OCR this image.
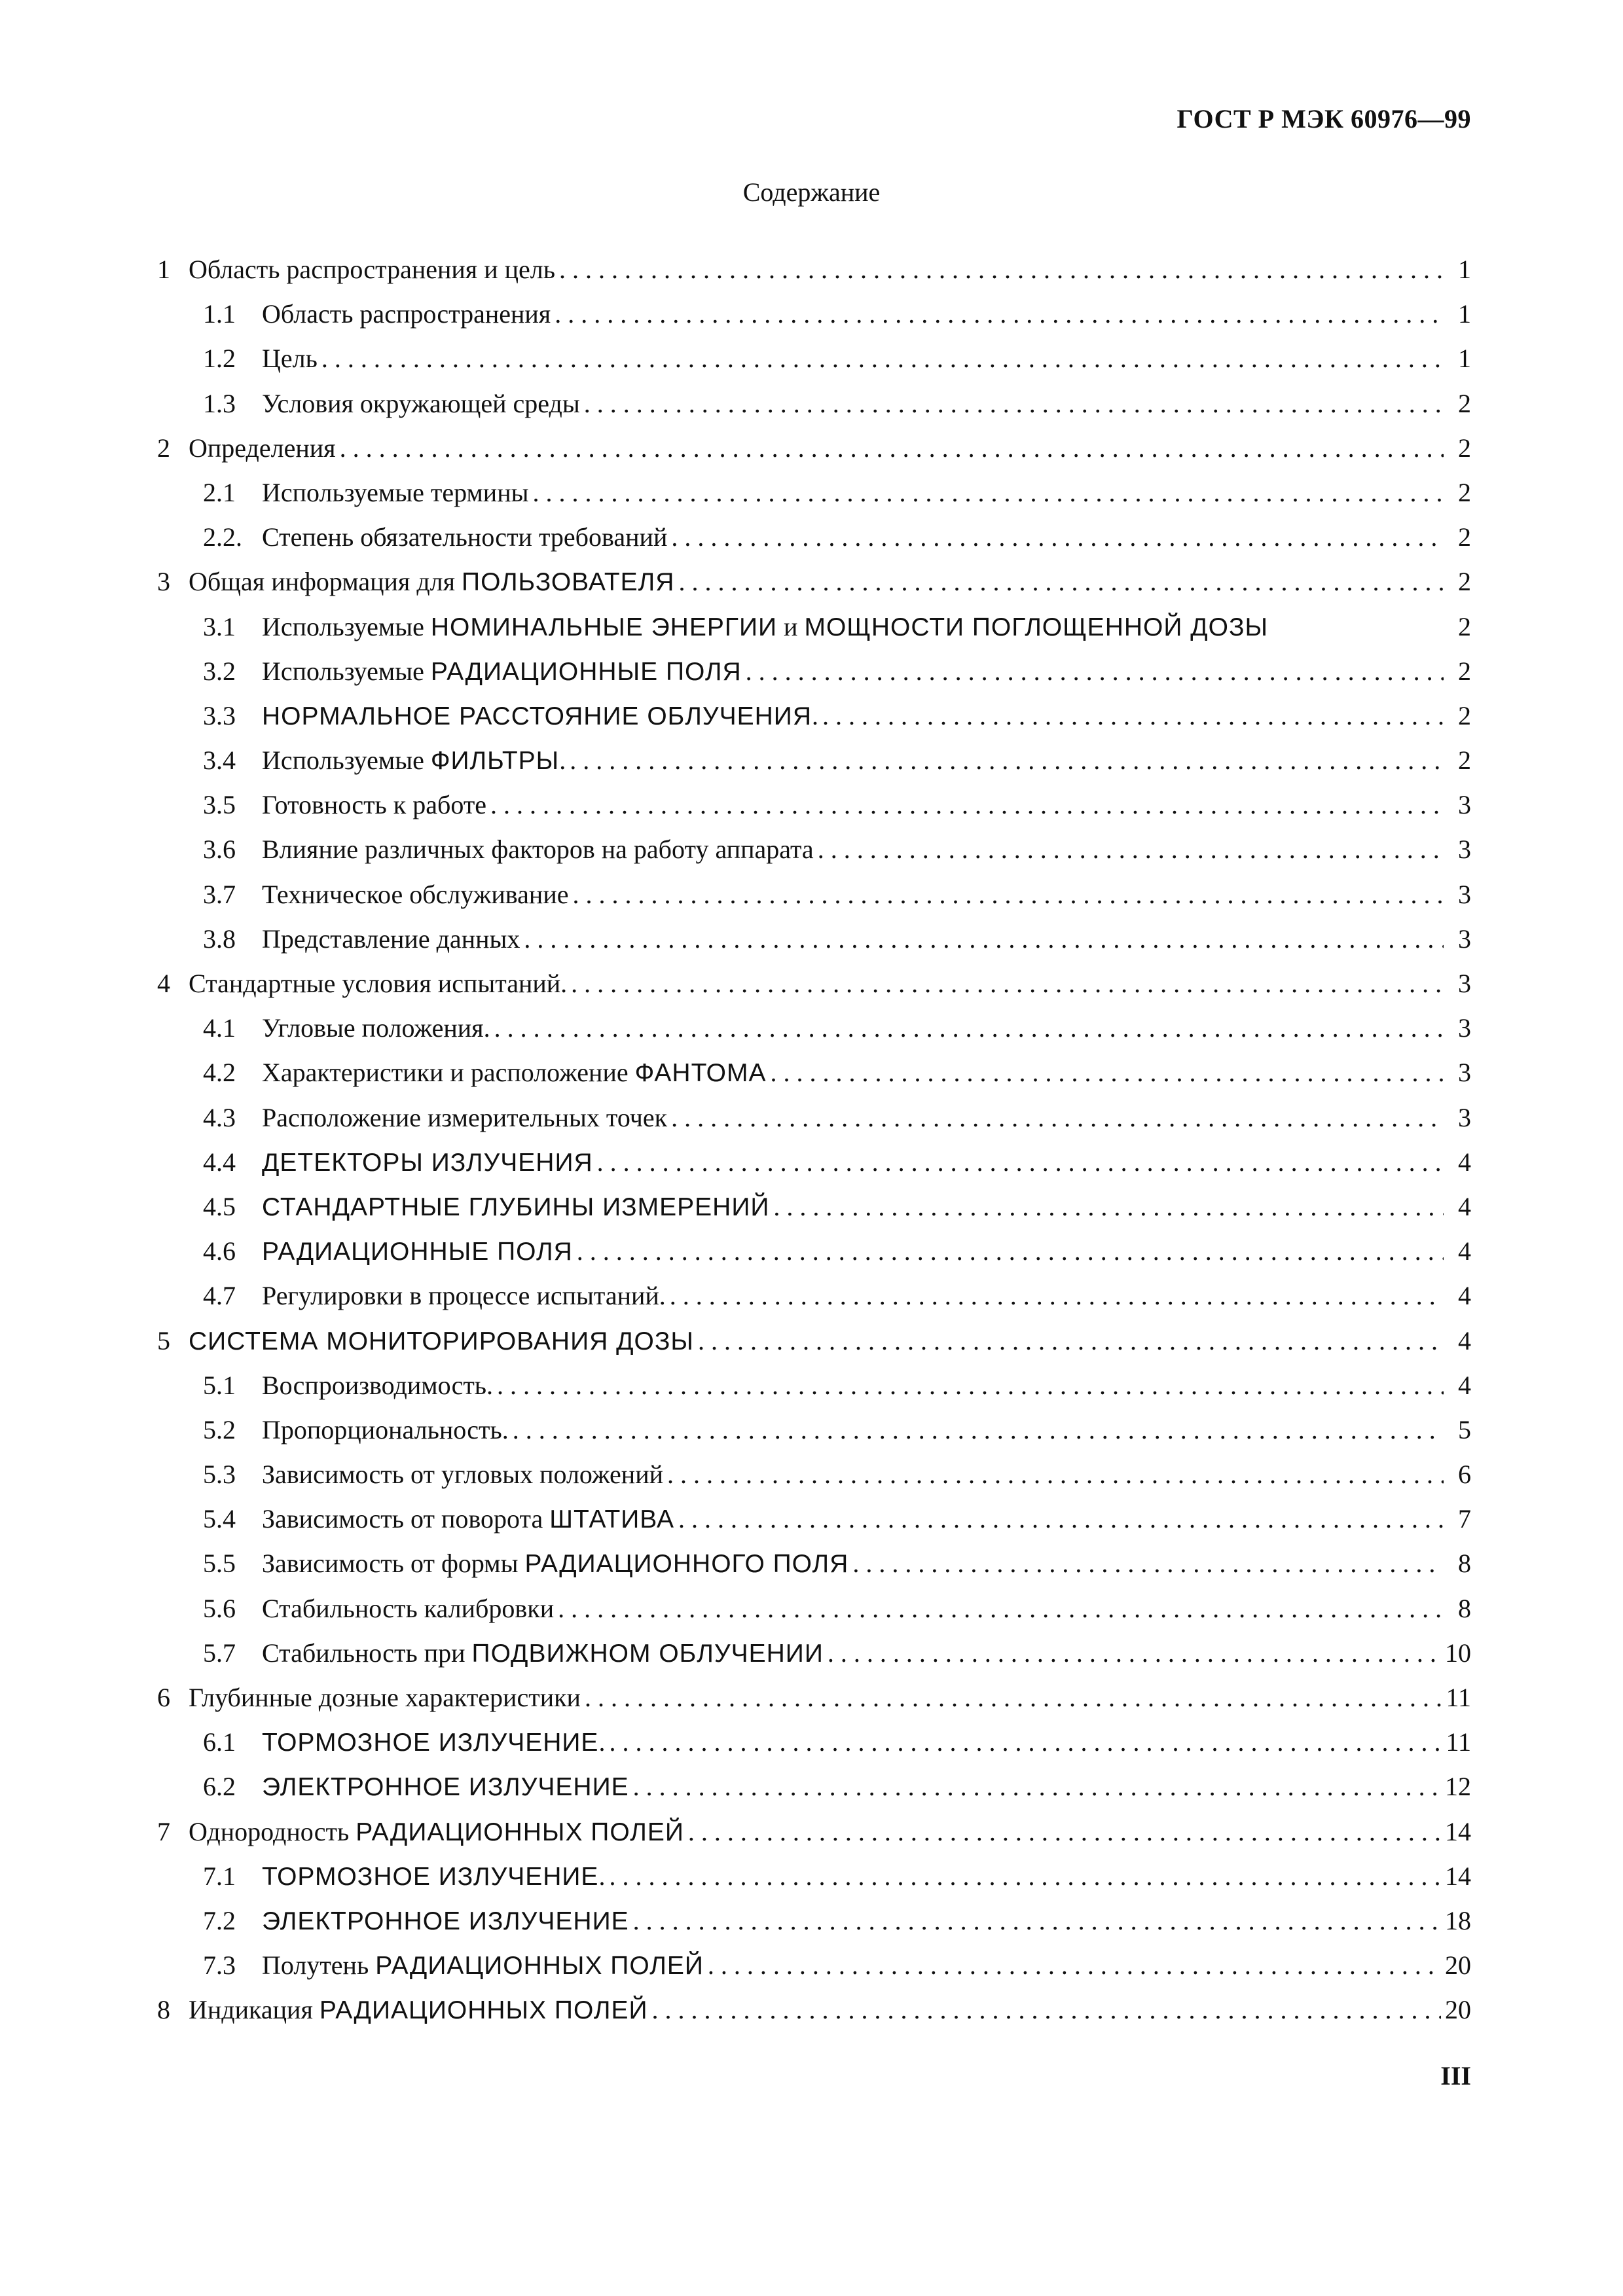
ГОСТ Р МЭК 60976—99
Содержание
1 Область распространения и цель . . .	1
1.1	Область распространения . . .	1
1.2	Цель . . .	1
1.3	Условия окружающей среды . . .	2
2 Определения . . .	2
2.1	Используемые термины . . .	2
2.2. Степень обязательности требований . . .	2
3 Общая информация для ПОЛЬЗОВАТЕЛЯ . . .	2
3.1	Используемые НОМИНАЛЬНЫЕ ЭНЕРГИИ и МОЩНОСТИ ПОГЛОЩЕННОЙ ДОЗЫ	2
3.2	Используемые РАДИАЦИОННЫЕ ПОЛЯ . . .	2
3.3	НОРМАЛЬНОЕ РАССТОЯНИЕ ОБЛУЧЕНИЯ. . . .	2
3.4	Используемые ФИЛЬТРЫ. . . .	2
3.5	Готовность к работе . . .	3
3.6	Влияние различных факторов на работу аппарата . . .	3
3.7	Техническое обслуживание . . .	3
3.8	Представление данных . . .	3
4 Стандартные условия испытаний. . . .	3
4.1	Угловые положения. . . .	3
4.2	Характеристики и расположение ФАНТОМА . . .	3
4.3	Расположение измерительных точек . . .	3
4.4	ДЕТЕКТОРЫ ИЗЛУЧЕНИЯ . . .	4
4.5	СТАНДАРТНЫЕ ГЛУБИНЫ ИЗМЕРЕНИЙ . . .	4
4.6	РАДИАЦИОННЫЕ ПОЛЯ . . .	4
4.7	Регулировки в процессе испытаний. . . .	4
5 СИСТЕМА МОНИТОРИРОВАНИЯ ДОЗЫ . . .	4
5.1	Воспроизводимость. . . .	4
5.2	Пропорциональность. . . .	5
5.3	Зависимость от угловых положений . . .	6
5.4	Зависимость от поворота ШТАТИВА . . .	7
5.5	Зависимость от формы РАДИАЦИОННОГО ПОЛЯ . . .	8
5.6	Стабильность калибровки . . .	8
5.7	Стабильность при ПОДВИЖНОМ ОБЛУЧЕНИИ . . .	10
6 Глубинные дозные характеристики . . .	11
6.1	ТОРМОЗНОЕ ИЗЛУЧЕНИЕ. . . .	11
6.2	ЭЛЕКТРОННОЕ ИЗЛУЧЕНИЕ . . .	12
7 Однородность РАДИАЦИОННЫХ ПОЛЕЙ . . .	14
7.1	ТОРМОЗНОЕ ИЗЛУЧЕНИЕ. . . .	14
7.2	ЭЛЕКТРОННОЕ ИЗЛУЧЕНИЕ . . .	18
7.3	Полутень РАДИАЦИОННЫХ ПОЛЕЙ . . .	20
8 Индикация РАДИАЦИОННЫХ ПОЛЕЙ . . .	20
III
